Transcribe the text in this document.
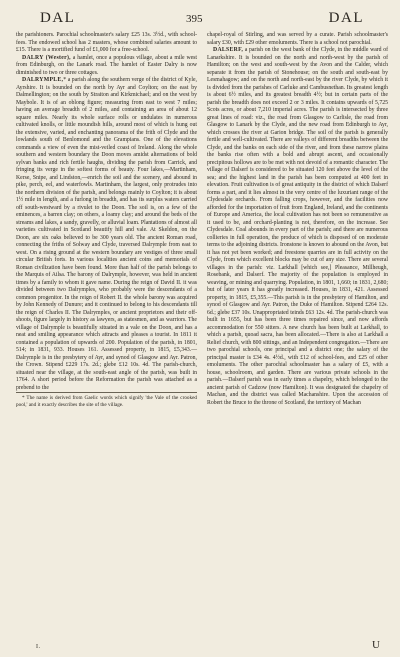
DAL	395	DAL

the parishioners. Parochial schoolmaster's salary £25 13s. 3½d., with school-fees. The endowed school has 2 masters, whose combined salaries amount to £15. There is a mortified fund of £1,000 for a free-school.

DALRY (Wester), a hamlet, once a populous village, about a mile west from Edinburgh, on the Lanark road. The hamlet of Easter Dalry is now diminished to two or three cottages.

DALRYMPLE,* a parish along the southern verge of the district of Kyle, Ayrshire. It is bounded on the north by Ayr and Coylton; on the east by Dalmellington; on the south by Straiton and Kirkmichael; and on the west by Maybole. It is of an oblong figure; measuring from east to west 7 miles; having an average breadth of 2 miles, and containing an area of about 12 square miles. Nearly its whole surface rolls or undulates in numerous cultivated knolls, or little moundish hills, around most of which is hung out the extensive, varied, and enchanting panorama of the frith of Clyde and the lowlands south of Benlomond and the Grampians. One of the elevations commands a view of even the mist-veiled coast of Ireland. Along the whole southern and western boundary the Doon moves amidst alternations of bold sylvan banks and rich fertile haughs, dividing the parish from Carrick, and fringing its verge in the softest forms of beauty. Four lakes,—Martinham, Kerse, Snipe, and Lindston,—enrich the soil and the scenery, and abound in pike, perch, eel, and waterfowls. Martinham, the largest, only protrudes into the northern division of the parish, and belongs mainly to Coylton; it is about 1½ mile in length, and a furlong in breadth, and has its surplus waters carried off south-westward by a rivulet to the Doon. The soil is, on a few of the eminences, a barren clay; on others, a loamy clay; and around the beds of the streams and lakes, a sandy, gravelly, or alluvial loam. Plantations of almost all varieties cultivated in Scotland beautify hill and vale. At Skeldon, on the Doon, are six oaks believed to be 300 years old. The ancient Roman road, connecting the friths of Solway and Clyde, traversed Dalrymple from east to west. On a rising ground at the western boundary are vestiges of three small circular British forts. In various localities ancient coins and memorials of Roman civilization have been found. More than half of the parish belongs to the Marquis of Ailsa. The barony of Dalrymple, however, was held in ancient times by a family to whom it gave name. During the reign of David II. it was divided between two Dalrymples, who probably were the descendants of a common progenitor. In the reign of Robert II. the whole barony was acquired by John Kennedy of Dunure; and it continued to belong to his descendants till the reign of Charles II. The Dalrymples, or ancient proprietors and their off-shoots, figure largely in history as lawyers, as statesmen, and as warriors. The village of Dalrymple is beautifully situated in a vale on the Doon, and has a neat and smiling appearance which attracts and pleases a tourist. In 1811 it contained a population of upwards of 200. Population of the parish, in 1801, 514; in 1831, 933. Houses 161. Assessed property, in 1815, £5,343.—Dalrymple is in the presbytery of Ayr, and synod of Glasgow and Ayr. Patron, the Crown. Stipend £229 17s. 2d.; glebe £12 10s. 4d. The parish-church, situated near the village, at the south-east angle of the parish, was built in 1764. A short period before the Reformation the parish was attached as a prebend to the

* The name is derived from Gaelic words which signify 'the Vale of the crooked pool,' and it exactly describes the site of the village.

chapel-royal of Stirling, and was served by a curate. Parish schoolmaster's salary £30, with £29 other emoluments. There is a school not parochial.

DALSERF, a parish on the west bank of the Clyde, in the middle ward of Lanarkshire. It is bounded on the north and north-west by the parish of Hamilton; on the west and south-west by the Avon and the Calder, which separate it from the parish of Stonehouse; on the south and south-east by Lesmahagow; and on the north and north-east by the river Clyde, by which it is divided from the parishes of Carluke and Cambusnethan. Its greatest length is about 6½ miles, and its greatest breadth 4½; but in certain parts of the parish the breadth does not exceed 2 or 3 miles. It contains upwards of 5,725 Scots acres, or about 7,210 imperial acres. The parish is intersected by three great lines of road: viz., the road from Glasgow to Carlisle, the road from Glasgow to Lanark by the Clyde, and the new road from Edinburgh to Ayr, which crosses the river at Garion bridge. The soil of the parish is generally fertile and well-cultivated. There are valleys of different breadths between the Clyde, and the banks on each side of the river, and from these narrow plains the banks rise often with a bold and abrupt ascent, and occasionally precipitous hollows are to be met with not devoid of a romantic character. The village of Dalserf is considered to be situated 120 feet above the level of the sea; and the highest land in the parish has been computed at 400 feet in elevation. Fruit cultivation is of great antiquity in the district of which Dalserf forms a part, and it lies almost in the very centre of the luxuriant range of the Clydesdale orchards. From falling crops, however, and the facilities now afforded for the importation of fruit from England, Ireland, and the continents of Europe and America, the local cultivation has not been so remunerative as it used to be, and orchard-planting is not, therefore, on the increase. See Clydesdale. Coal abounds in every part of the parish; and there are numerous collieries in full operation, the produce of which is disposed of on moderate terms to the adjoining districts. Ironstone is known to abound on the Avon, but it has not yet been worked; and freestone quarries are in full activity on the Clyde, from which excellent blocks may be cut of any size. There are several villages in the parish: viz. Larkhall [which see,] Pleasance, Millheugh, Rosebank, and Dalserf. The majority of the population is employed in weaving, or mining and quarrying. Population, in 1801, 1,660; in 1831, 2,680; but of later years it has greatly increased. Houses, in 1831, 421. Assessed property, in 1815, £5,355.—This parish is in the presbytery of Hamilton, and synod of Glasgow and Ayr. Patron, the Duke of Hamilton. Stipend £264 12s. 6d.; glebe £37 10s. Unappropriated teinds £63 12s. 4d. The parish-church was built in 1655, but has been three times repaired since, and now affords accommodation for 550 sitters. A new church has been built at Larkhall, to which a parish, quoad sacra, has been allocated.—There is also at Larkhall a Relief church, with 800 sittings, and an Independent congregation.—There are two parochial schools, one principal and a district one; the salary of the principal master is £34 4s. 4½d., with £12 of school-fees, and £25 of other emoluments. The other parochial schoolmaster has a salary of £5, with a house, schoolroom, and garden. There are various private schools in the parish.—Dalserf parish was in early times a chapelry, which belonged to the ancient parish of Cadzow (now Hamilton). It was designated the chapelry of Machan, and the district was called Machanshire. Upon the accession of Robert the Bruce to the throne of Scotland, the territory of Machan

I.	U
